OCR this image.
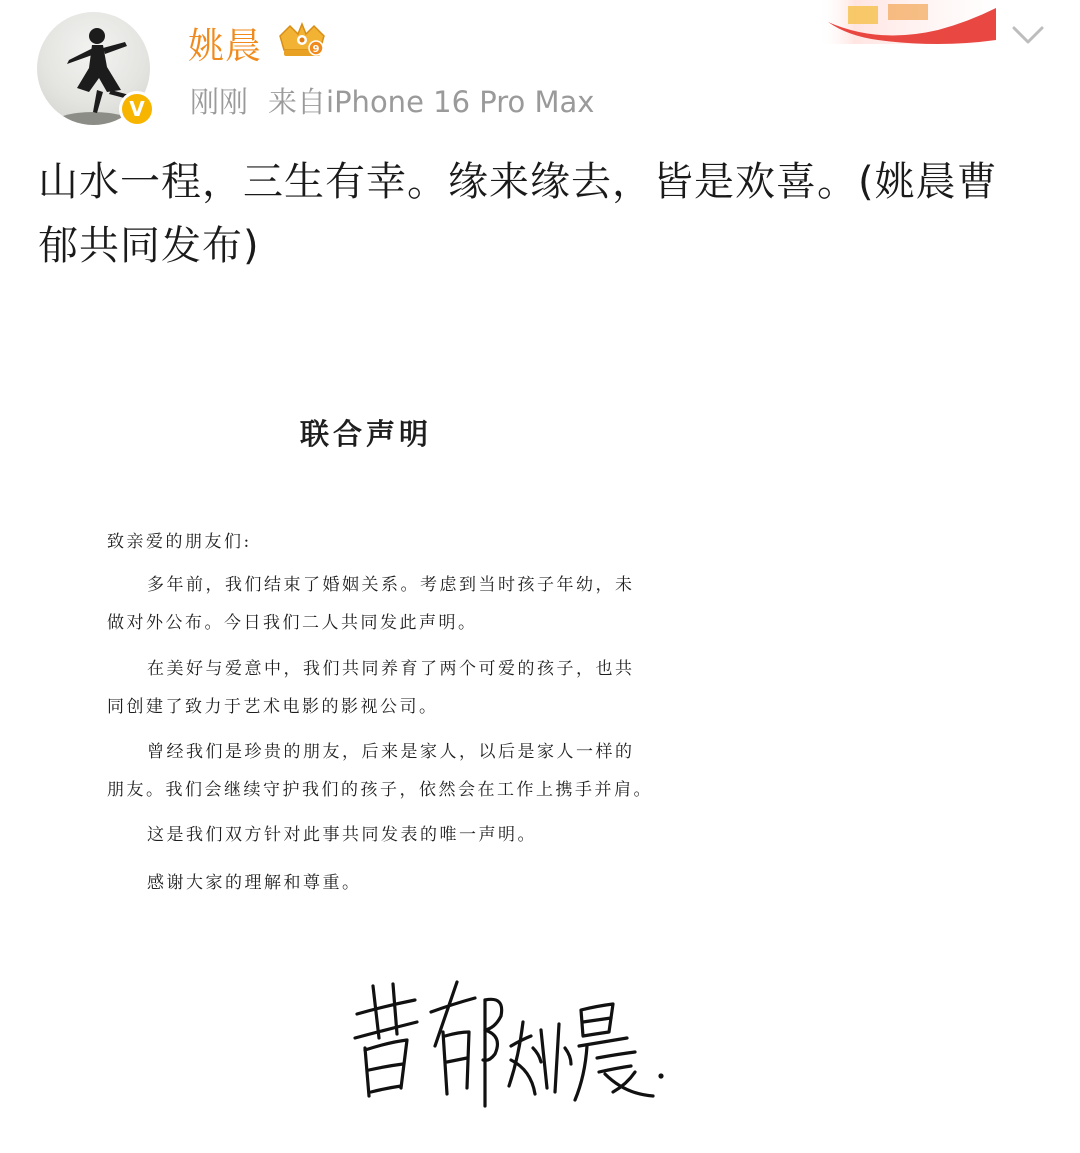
V
姚晨	9
刚刚 来自iPhone 16 Pro Max
山水一程，三生有幸。缘来缘去，皆是欢喜。(姚晨曹
郁共同发布)
联合声明
致亲爱的朋友们:
多年前，我们结束了婚姻关系。考虑到当时孩子年幼，未
做对外公布。今日我们二人共同发此声明。
在美好与爱意中，我们共同养育了两个可爱的孩子，也共
同创建了致力于艺术电影的影视公司。
曾经我们是珍贵的朋友，后来是家人，以后是家人一样的
朋友。我们会继续守护我们的孩子，依然会在工作上携手并肩。
这是我们双方针对此事共同发表的唯一声明。
感谢大家的理解和尊重。
